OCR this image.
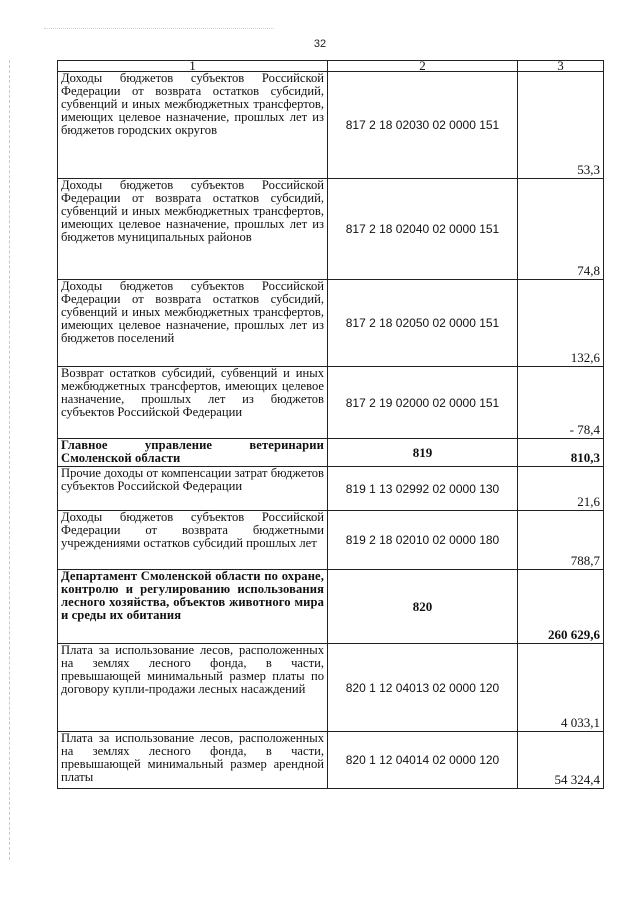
32
1	2	3
Доходы бюджетов субъектов Российской Федерации от возврата остатков субсидий, субвенций и иных межбюджетных трансфертов, имеющих целевое назначение, прошлых лет из бюджетов городских округов	817 2 18 02030 02 0000 151	53,3
Доходы бюджетов субъектов Российской Федерации от возврата остатков субсидий, субвенций и иных межбюджетных трансфертов, имеющих целевое назначение, прошлых лет из бюджетов муниципальных районов	817 2 18 02040 02 0000 151	74,8
Доходы бюджетов субъектов Российской Федерации от возврата остатков субсидий, субвенций и иных межбюджетных трансфертов, имеющих целевое назначение, прошлых лет из бюджетов поселений	817 2 18 02050 02 0000 151	132,6
Возврат остатков субсидий, субвенций и иных межбюджетных трансфертов, имеющих целевое назначение, прошлых лет из бюджетов субъектов Российской Федерации	817 2 19 02000 02 0000 151	- 78,4
Главное управление ветеринарии Смоленской области	819	810,3
Прочие доходы от компенсации затрат бюджетов субъектов Российской Федерации	819 1 13 02992 02 0000 130	21,6
Доходы бюджетов субъектов Российской Федерации от возврата бюджетными учреждениями остатков субсидий прошлых лет	819 2 18 02010 02 0000 180	788,7
Департамент Смоленской области по охране, контролю и регулированию использования лесного хозяйства, объектов животного мира и среды их обитания	820	260 629,6
Плата за использование лесов, расположенных на землях лесного фонда, в части, превышающей минимальный размер платы по договору купли-продажи лесных насаждений	820 1 12 04013 02 0000 120	4 033,1
Плата за использование лесов, расположенных на землях лесного фонда, в части, превышающей минимальный размер арендной платы	820 1 12 04014 02 0000 120	54 324,4
